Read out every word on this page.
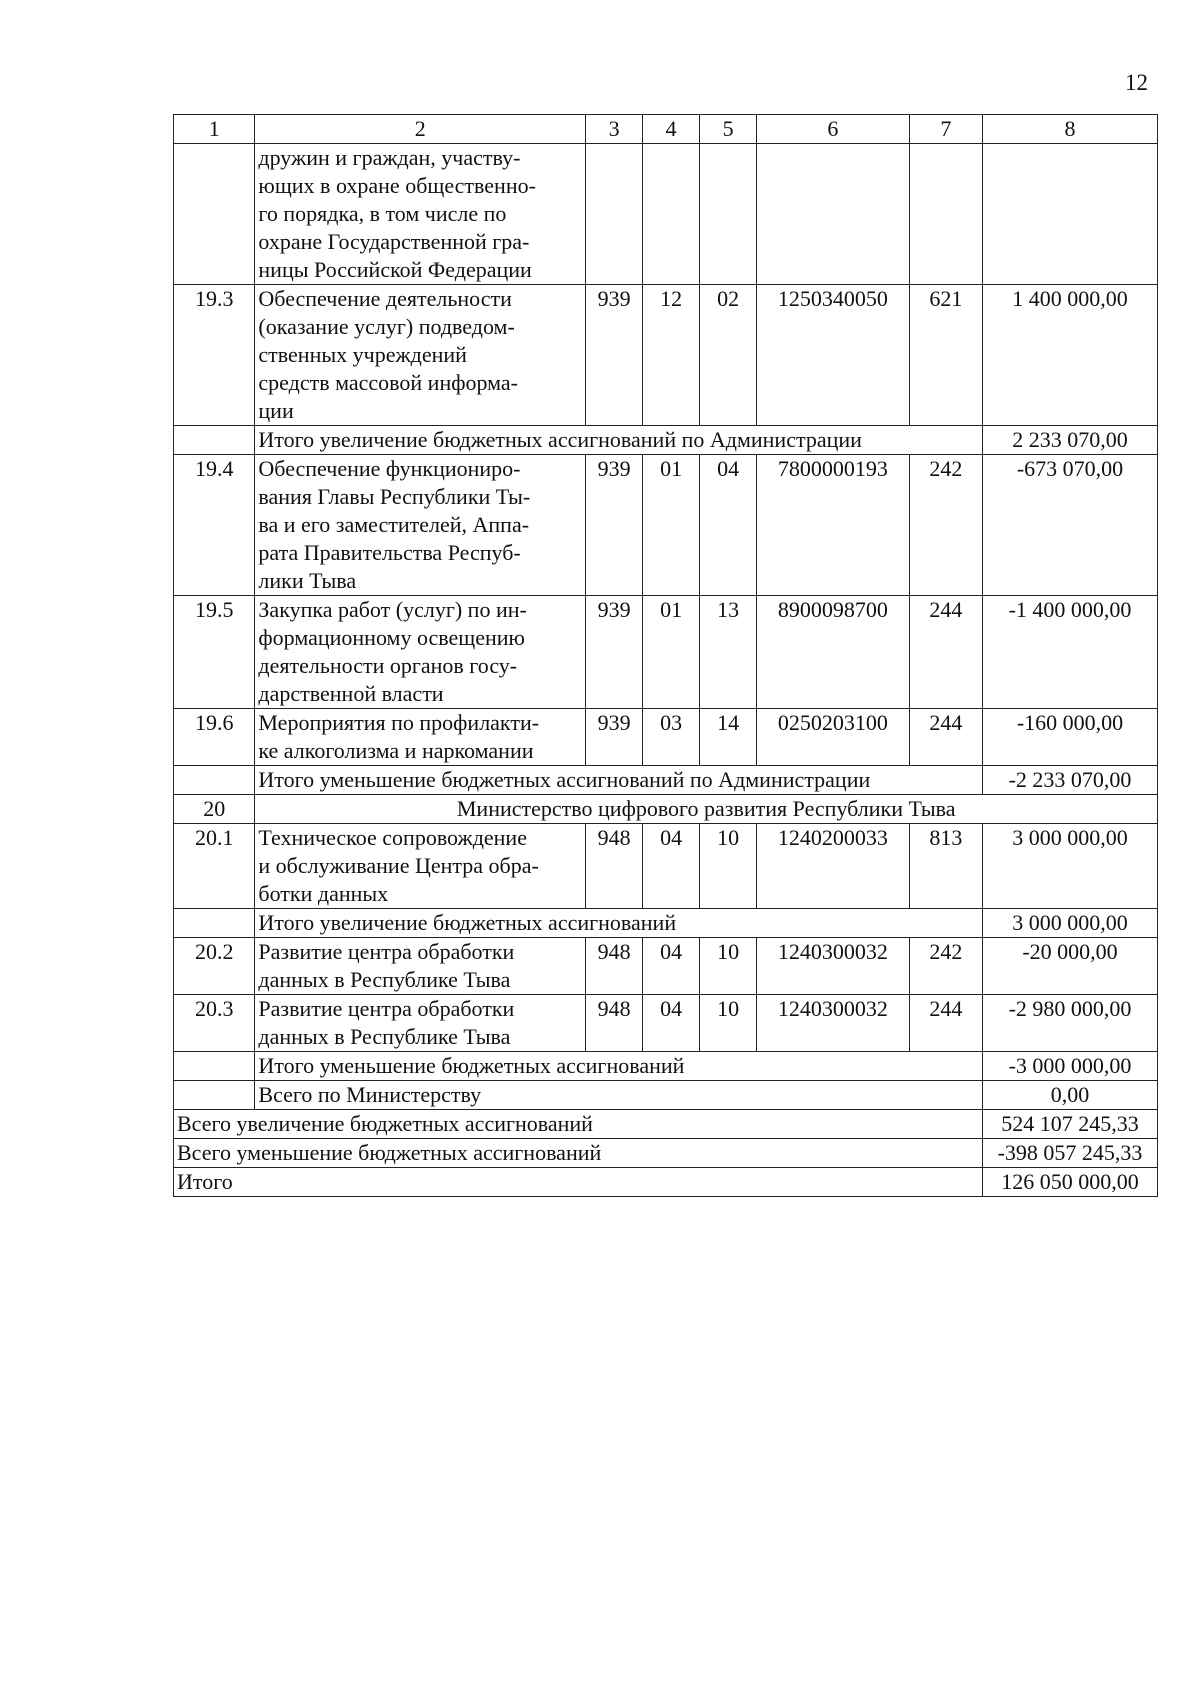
12
1	2	3	4	5	6	7	8
	дружин и граждан, участву-
ющих в охране общественно-
го порядка, в том числе по
охране Государственной гра-
ницы Российской Федерации						
19.3	Обеспечение деятельности
(оказание услуг) подведом-
ственных учреждений
средств массовой информа-
ции	939	12	02	1250340050	621	1 400 000,00
	Итого увеличение бюджетных ассигнований по Администрации						2 233 070,00
19.4	Обеспечение функциониро-
вания Главы Республики Ты-
ва и его заместителей, Аппа-
рата Правительства Респуб-
лики Тыва	939	01	04	7800000193	242	-673 070,00
19.5	Закупка работ (услуг) по ин-
формационному освещению
деятельности органов госу-
дарственной власти	939	01	13	8900098700	244	-1 400 000,00
19.6	Мероприятия по профилакти-
ке алкоголизма и наркомании	939	03	14	0250203100	244	-160 000,00
	Итого уменьшение бюджетных ассигнований по Администрации						-2 233 070,00
20	Министерство цифрового развития Республики Тыва						
20.1	Техническое сопровождение
и обслуживание Центра обра-
ботки данных	948	04	10	1240200033	813	3 000 000,00
	Итого увеличение бюджетных ассигнований						3 000 000,00
20.2	Развитие центра обработки
данных в Республике Тыва	948	04	10	1240300032	242	-20 000,00
20.3	Развитие центра обработки
данных в Республике Тыва	948	04	10	1240300032	244	-2 980 000,00
	Итого уменьшение бюджетных ассигнований						-3 000 000,00
	Всего по Министерству						0,00
Всего увеличение бюджетных ассигнований							524 107 245,33
Всего уменьшение бюджетных ассигнований							-398 057 245,33
Итого							126 050 000,00
